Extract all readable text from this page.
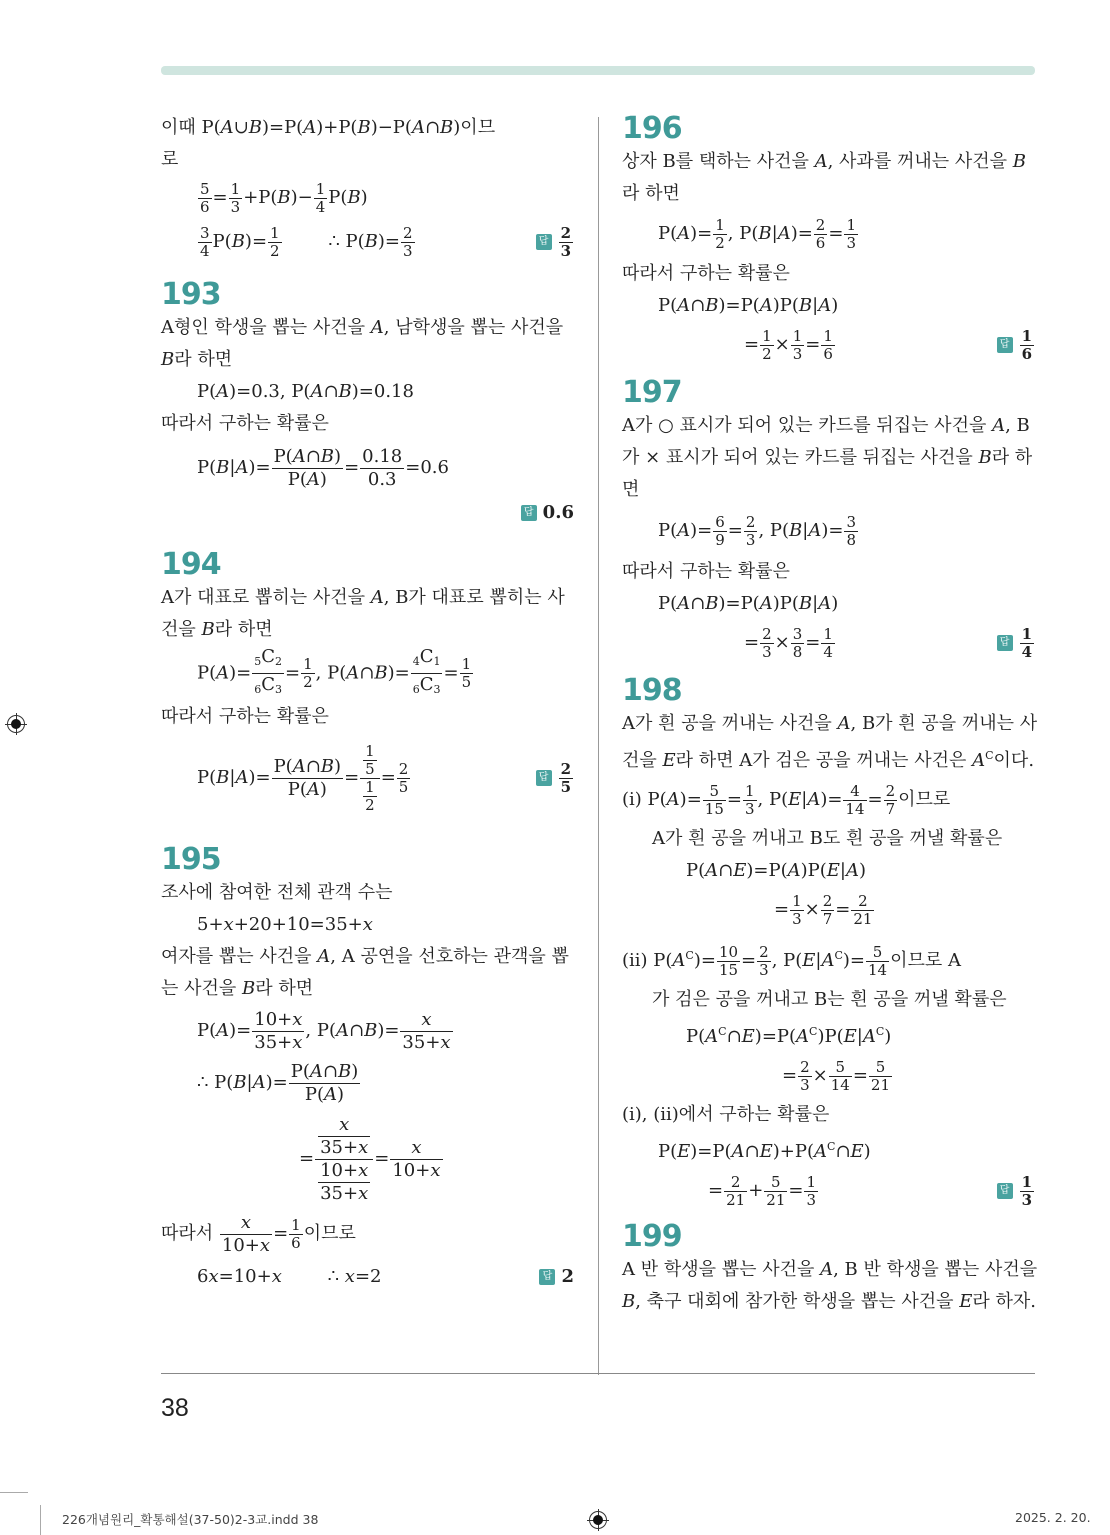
이때 P(A∪B)=P(A)+P(B)−P(A∩B)이므
로
$\frac{5}{6} = \frac{1}{3} +P(B)- \frac{1}{4} P(B)$
$\frac{3}{4} P(B)= \frac{1}{2}$ ∴ $P(B)= \frac{2}{3}$	답 $\frac{2}{3}$
193
A형인 학생을 뽑는 사건을 A, 남학생을 뽑는 사건을
B라 하면
P(A)=0.3, P(A∩B)=0.18
따라서 구하는 확률은
$P(B|A)= \frac{P(A\cap B)}{P(A)} = \frac{0.18}{0.3} =0.6$
답 0.6
194
A가 대표로 뽑히는 사건을 A, B가 대표로 뽑히는 사
건을 B라 하면
$P(A)= \frac{5C_2}{6C_3} = \frac{1}{2}$ , P(A∩B)= $\frac{4C_1}{6C_3} = \frac{1}{5}$
따라서 구하는 확률은
$P(B|A)= \frac{P(A\cap B)}{P(A)} = \frac{\frac{1}{5}}{\frac{1}{2}} = \frac{2}{5}$	답 $\frac{2}{5}$
195
조사에 참여한 전체 관객 수는
5+x+20+10=35+x
여자를 뽑는 사건을 A, A 공연을 선호하는 관객을 뽑
는 사건을 B라 하면
$P(A)= \frac{10+x}{35+x}$ , P(A∩B)= $\frac{x}{35+x}$
∴ $P(B|A)= \frac{P(A\cap B)}{P(A)}$
= $\frac{\frac{x}{35+x}}{\frac{10+x}{35+x}} = \frac{x}{10+x}$
따라서 $\frac{x}{10+x} = \frac{1}{6}$ 이므로
6x=10+x        ∴ x=2	답 2
196
상자 B를 택하는 사건을 A, 사과를 꺼내는 사건을 B
라 하면
$P(A)= \frac{1}{2}$ , $P(B|A)= \frac{2}{6} = \frac{1}{3}$
따라서 구하는 확률은
P(A∩B)=P(A)P(B|A)
= $\frac{1}{2} \times \frac{1}{3} = \frac{1}{6}$	답 $\frac{1}{6}$
197
A가 ○ 표시가 되어 있는 카드를 뒤집는 사건을 A, B
가 × 표시가 되어 있는 카드를 뒤집는 사건을 B라 하
면
$P(A)= \frac{6}{9} = \frac{2}{3}$ , $P(B|A)= \frac{3}{8}$
따라서 구하는 확률은
P(A∩B)=P(A)P(B|A)
= $\frac{2}{3} \times \frac{3}{8} = \frac{1}{4}$	답 $\frac{1}{4}$
198
A가 흰 공을 꺼내는 사건을 A, B가 흰 공을 꺼내는 사
건을 E라 하면 A가 검은 공을 꺼내는 사건은 $A^C$이다.
(i) $P(A)= \frac{5}{15} = \frac{1}{3}$ , $P(E|A)= \frac{4}{14} = \frac{2}{7}$ 이므로
A가 흰 공을 꺼내고 B도 흰 공을 꺼낼 확률은
P(A∩E)=P(A)P(E|A)
= $\frac{1}{3} \times \frac{2}{7} = \frac{2}{21}$
(ii) $P(A^C)= \frac{10}{15} = \frac{2}{3}$ , $P(E|A^C)= \frac{5}{14}$ 이므로 A
가 검은 공을 꺼내고 B는 흰 공을 꺼낼 확률은
$P(A^C\cap E)=P(A^C)P(E|A^C)$
= $\frac{2}{3} \times \frac{5}{14} = \frac{5}{21}$
(i), (ii)에서 구하는 확률은
$P(E)=P(A\cap E)+P(A^C\cap E)$
= $\frac{2}{21} + \frac{5}{21} = \frac{1}{3}$	답 $\frac{1}{3}$
199
A 반 학생을 뽑는 사건을 A, B 반 학생을 뽑는 사건을
B, 축구 대회에 참가한 학생을 뽑는 사건을 E라 하자.
38
226개념원리_확통해설(37-50)2-3교.indd 38	2025. 2. 20.
